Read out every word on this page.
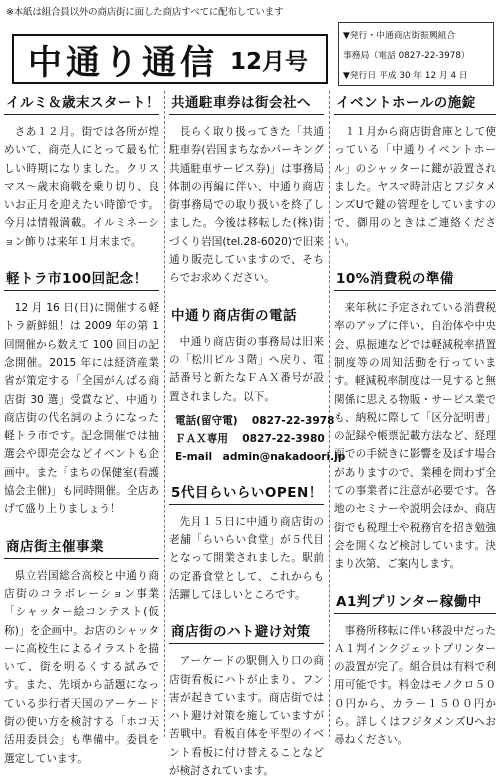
※本紙は組合員以外の商店街に面した商店すべてに配布しています
中通り通信 12月号
▼発行・中通商店街振興組合
事務局（電話 0827-22-3978）
▼発行日 平成 30 年 12 月 4 日
イルミ＆歳末スタート！

さあ１２月。街では各所が煌めいて、商売人にとって最も忙しい時期になりました。クリスマス〜歳末商戦を乗り切り、良いお正月を迎えたい時節です。今月は情報満載。イルミネーション飾りは来年１月末まで。

軽トラ市100回記念！

12 月 16 日(日)に開催する軽トラ新鮮組！は 2009 年の第 1 回開催から数えて 100 回目の記念開催。2015 年には経済産業省が策定する「全国がんばる商店街 30 選」受賞など、中通り商店街の代名詞のようになった軽トラ市です。記念開催では抽選会や即売会などイベントも企画中。また「まちの保健室(看護協会主催)」も同時開催。全店あげて盛り上りましょう！

商店街主催事業

県立岩国総合高校と中通り商店街のコラボレーション事業「シャッター絵コンテスト(仮称)」を企画中。お店のシャッターに高校生によるイラストを描いて、街を明るくする試みです。また、先頃から話題になっている歩行者天国のアーケード街の使い方を検討する「ホコ天活用委員会」も準備中。委員を選定しています。

共通駐車券は街会社へ

長らく取り扱ってきた「共通駐車券(岩国まちなかパーキング共通駐車サービス券)」は事務局体制の再編に伴い、中通り商店街事務局での取り扱いを終了しました。今後は移転した(株)街づくり岩国(tel.28-6020)で旧来通り販売していますので、そちらでお求めください。

中通り商店街の電話

中通り商店街の事務局は旧来の「松川ビル３階」へ戻り、電話番号と新たなＦＡＸ番号が設置されました。以下。

電話(留守電)　 0827-22-3978
ＦＡＸ専用　 0827-22-3980
E-mail　admin@nakadoori.jp
5代目らいらいOPEN！

先月１５日に中通り商店街の老舗「らいらい食堂」が５代目となって開業されました。駅前の定番食堂として、これからも活躍してほしいところです。

商店街のハト避け対策

アーケードの駅側入り口の商店街看板にハトが止まり、フン害が起きています。商店街ではハト避け対策を施していますが苦戦中。看板自体を平型のイベント看板に付け替えることなどが検討されています。

イベントホールの施錠

１１月から商店街倉庫として使っている「中通りイベントホール」のシャッターに鍵が設置されました。ヤスマ時計店とフジタメンズUで鍵の管理をしていますので、御用のときはご連絡ください。

10%消費税の準備

来年秋に予定されている消費税率のアップに伴い、自治体や中央会、県振連などでは軽減税率措置制度等の周知活動を行っています。軽減税率制度は一見すると無関係に思える物販・サービス業でも、納税に際して「区分記明書」の記録や帳票記載方法など、経理面での手続きに影響を及ぼす場合がありますので、業種を問わず全ての事業者に注意が必要です。各地のセミナーや説明会ほか、商店街でも税理士や税務官を招き勉強会を開くなど検討しています。決まり次第、ご案内します。

A1判プリンター稼働中

事務所移転に伴い移設中だったＡ１判インクジェットプリンターの設置が完了。組合員は有料で利用可能です。料金はモノクロ５００円から、カラー１５００円から。詳しくはフジタメンズUへお尋ねください。
